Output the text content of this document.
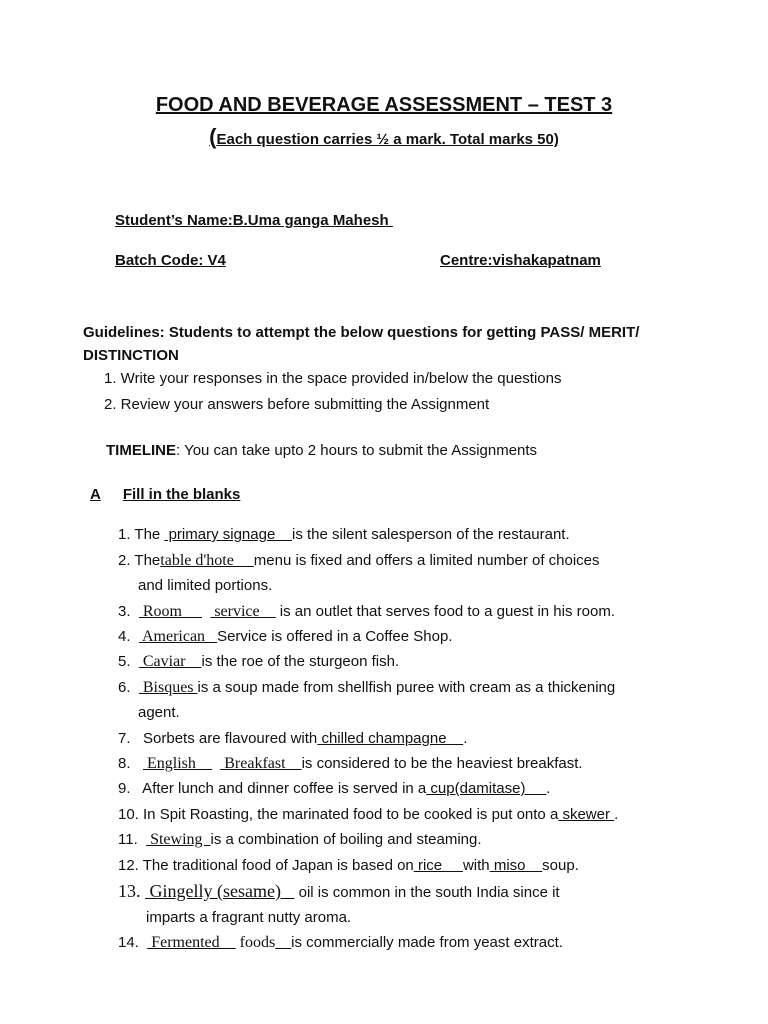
FOOD AND BEVERAGE ASSESSMENT – TEST 3
(Each question carries ½ a mark. Total marks 50)
Student’s Name:B.Uma ganga Mahesh
Batch Code: V4	Centre:vishakapatnam
Guidelines: Students to attempt the below questions for getting PASS/ MERIT/
DISTINCTION
1. Write your responses in the space provided in/below the questions
2. Review your answers before submitting the Assignment
TIMELINE: You can take upto 2 hours to submit the Assignments
A Fill in the blanks
1. The  primary signage    is the silent salesperson of the restaurant.
2. Thetable d'hote     menu is fixed and offers a limited number of choices
and limited portions.
3.   Room        service     is an outlet that serves food to a guest in his room.
4.   American   Service is offered in a Coffee Shop.
5.   Caviar    is the roe of the sturgeon fish.
6.   Bisques is a soup made from shellfish puree with cream as a thickening
agent.
7.   Sorbets are flavoured with chilled champagne    .
8.    English       Breakfast    is considered to be the heaviest breakfast.
9.   After lunch and dinner coffee is served in a cup(damitase)     .
10. In Spit Roasting, the marinated food to be cooked is put onto a skewer .
11.   Stewing  is a combination of boiling and steaming.
12. The traditional food of Japan is based on rice     with miso    soup.
13.  Gingelly (sesame)    oil is common in the south India since it
imparts a fragrant nutty aroma.
14.   Fermented     foods is commercially made from yeast extract.
